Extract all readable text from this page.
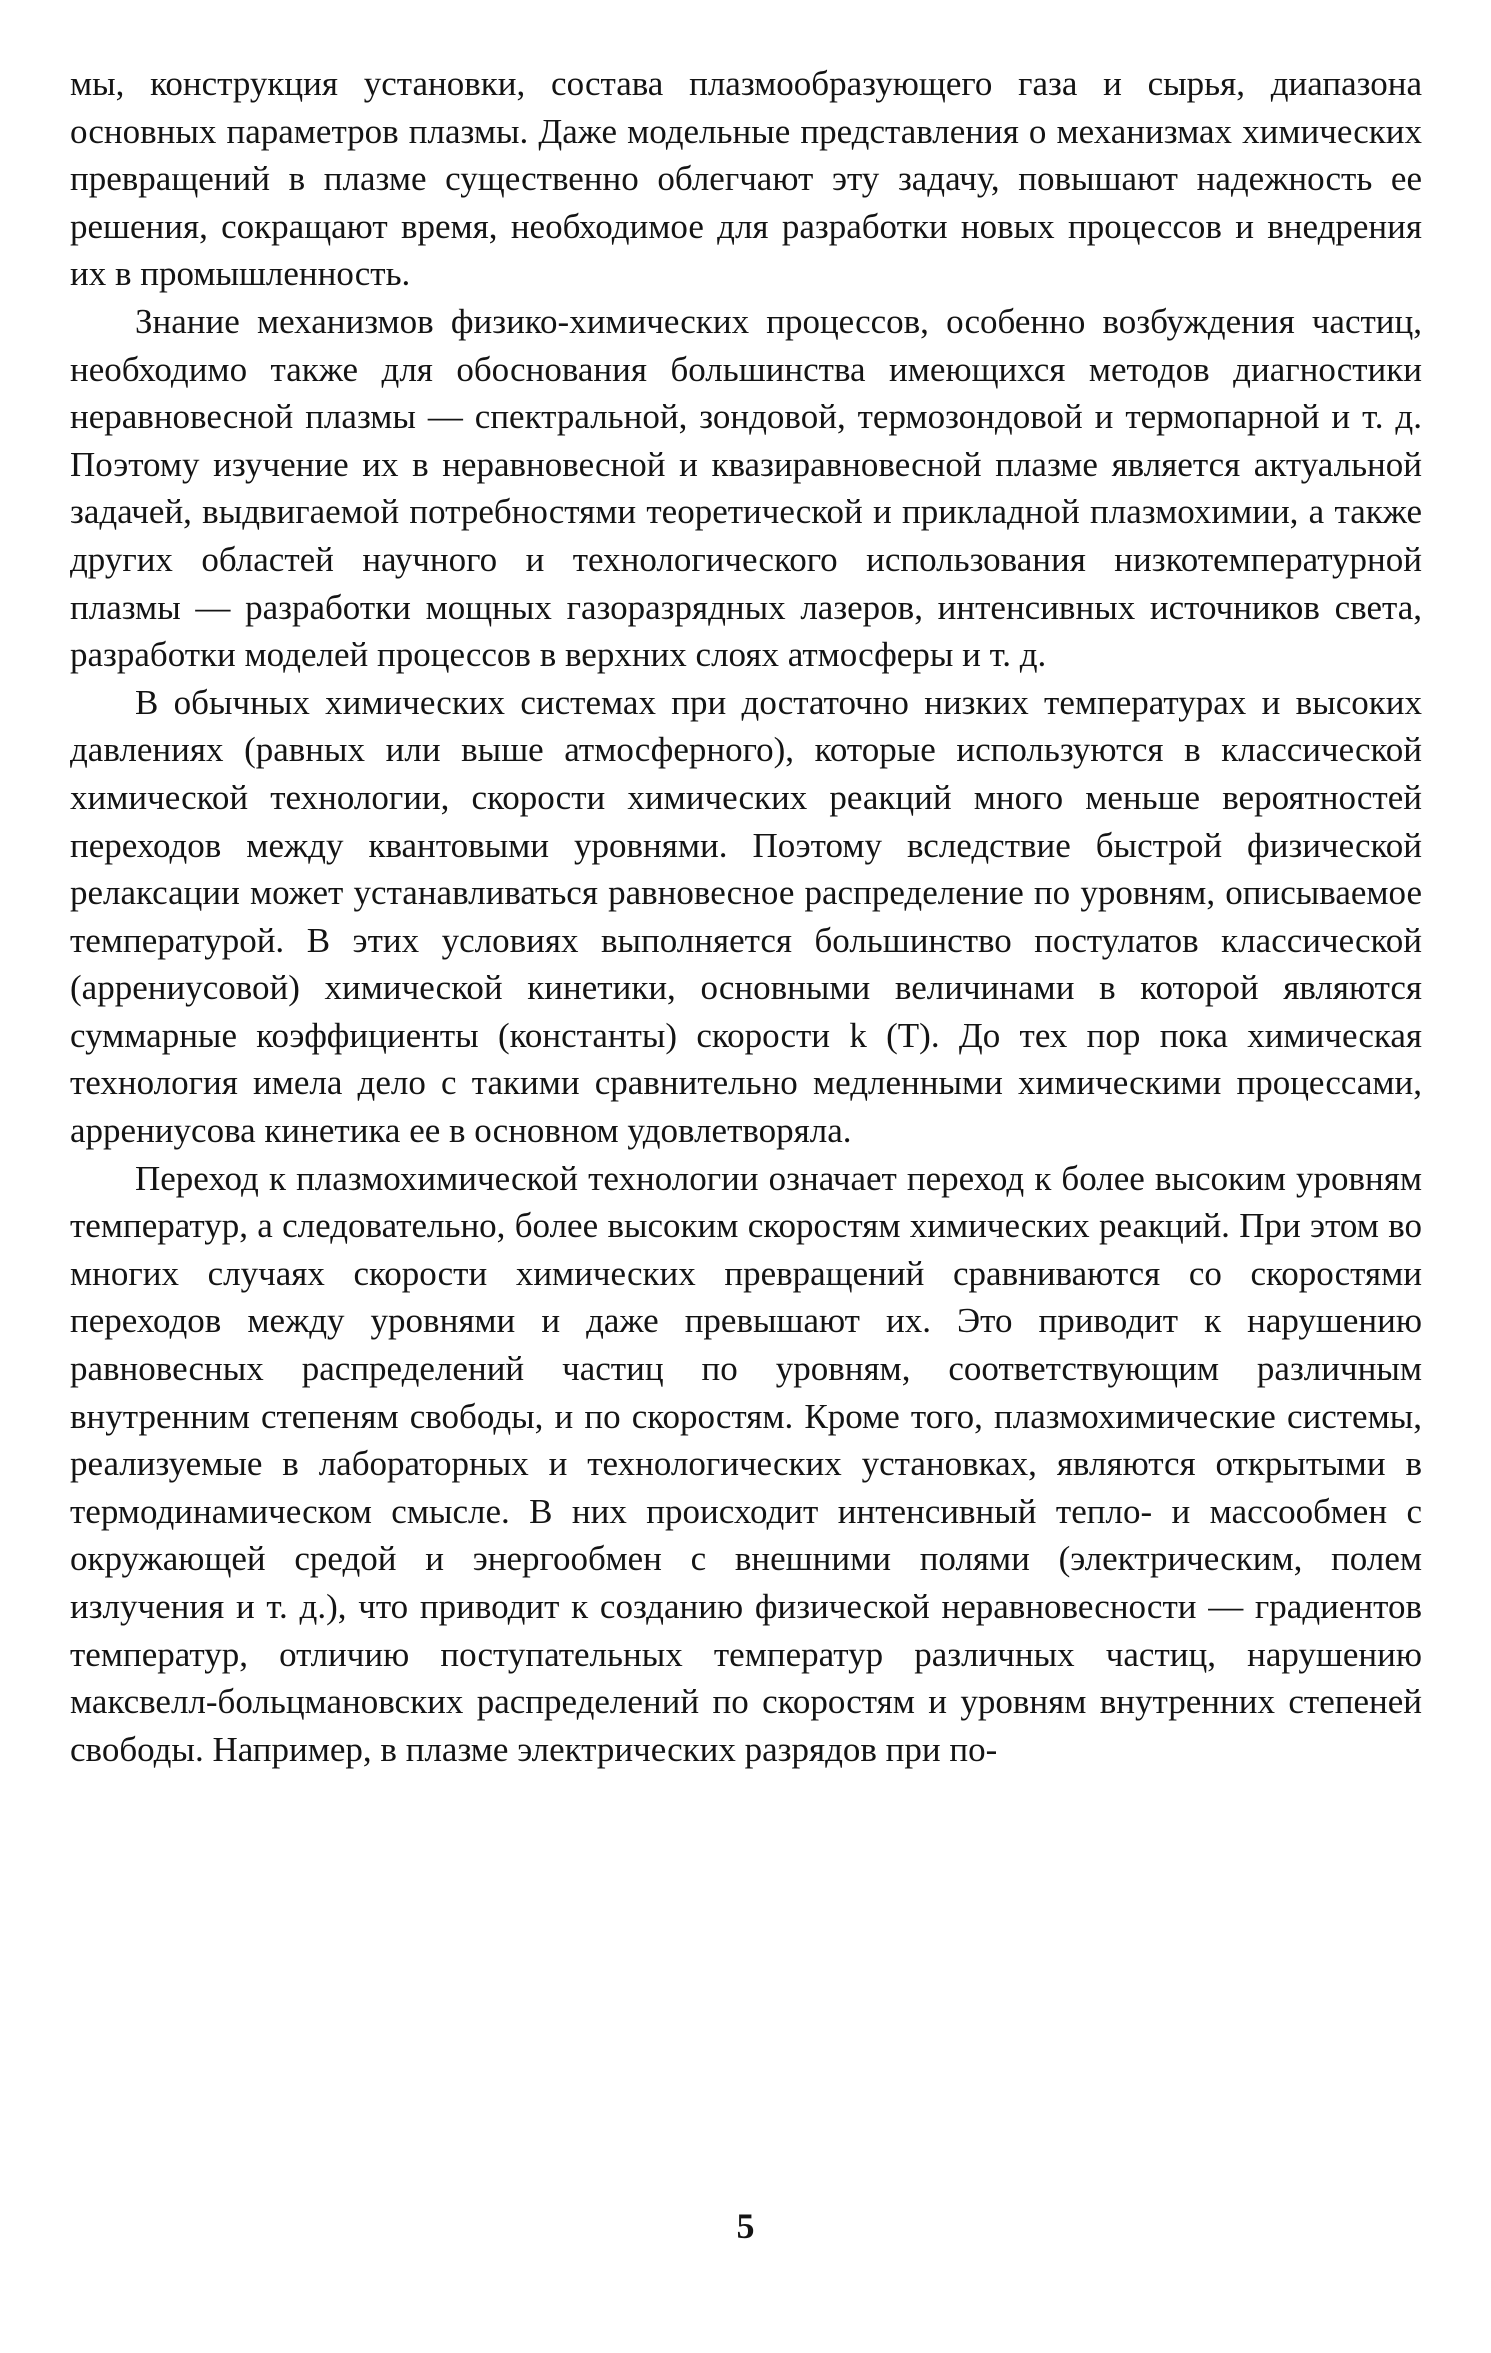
мы, конструкция установки, состава плазмообразующего газа и сырья, диапазона основных параметров плазмы. Даже модельные представления о механизмах химических превращений в плазме существенно облегчают эту задачу, повышают надежность ее решения, сокращают время, необходимое для разработки новых процессов и внедрения их в промышленность.

Знание механизмов физико-химических процессов, особенно возбуждения частиц, необходимо также для обоснования большинства имеющихся методов диагностики неравновесной плазмы — спектральной, зондовой, термозондовой и термопарной и т. д. Поэтому изучение их в неравновесной и квазиравновесной плазме является актуальной задачей, выдвигаемой потребностями теоретической и прикладной плазмохимии, а также других областей научного и технологического использования низкотемпературной плазмы — разработки мощных газоразрядных лазеров, интенсивных источников света, разработки моделей процессов в верхних слоях атмосферы и т. д.

В обычных химических системах при достаточно низких температурах и высоких давлениях (равных или выше атмосферного), которые используются в классической химической технологии, скорости химических реакций много меньше вероятностей переходов между квантовыми уровнями. Поэтому вследствие быстрой физической релаксации может устанавливаться равновесное распределение по уровням, описываемое температурой. В этих условиях выполняется большинство постулатов классической (аррениусовой) химической кинетики, основными величинами в которой являются суммарные коэффициенты (константы) скорости k (T). До тех пор пока химическая технология имела дело с такими сравнительно медленными химическими процессами, аррениусова кинетика ее в основном удовлетворяла.

Переход к плазмохимической технологии означает переход к более высоким уровням температур, а следовательно, более высоким скоростям химических реакций. При этом во многих случаях скорости химических превращений сравниваются со скоростями переходов между уровнями и даже превышают их. Это приводит к нарушению равновесных распределений частиц по уровням, соответствующим различным внутренним степеням свободы, и по скоростям. Кроме того, плазмохимические системы, реализуемые в лабораторных и технологических установках, являются открытыми в термодинамическом смысле. В них происходит интенсивный тепло- и массообмен с окружающей средой и энергообмен с внешними полями (электрическим, полем излучения и т. д.), что приводит к созданию физической неравновесности — градиентов температур, отличию поступательных температур различных частиц, нарушению максвелл-больцмановских распределений по скоростям и уровням внутренних степеней свободы. Например, в плазме электрических разрядов при по-

5
